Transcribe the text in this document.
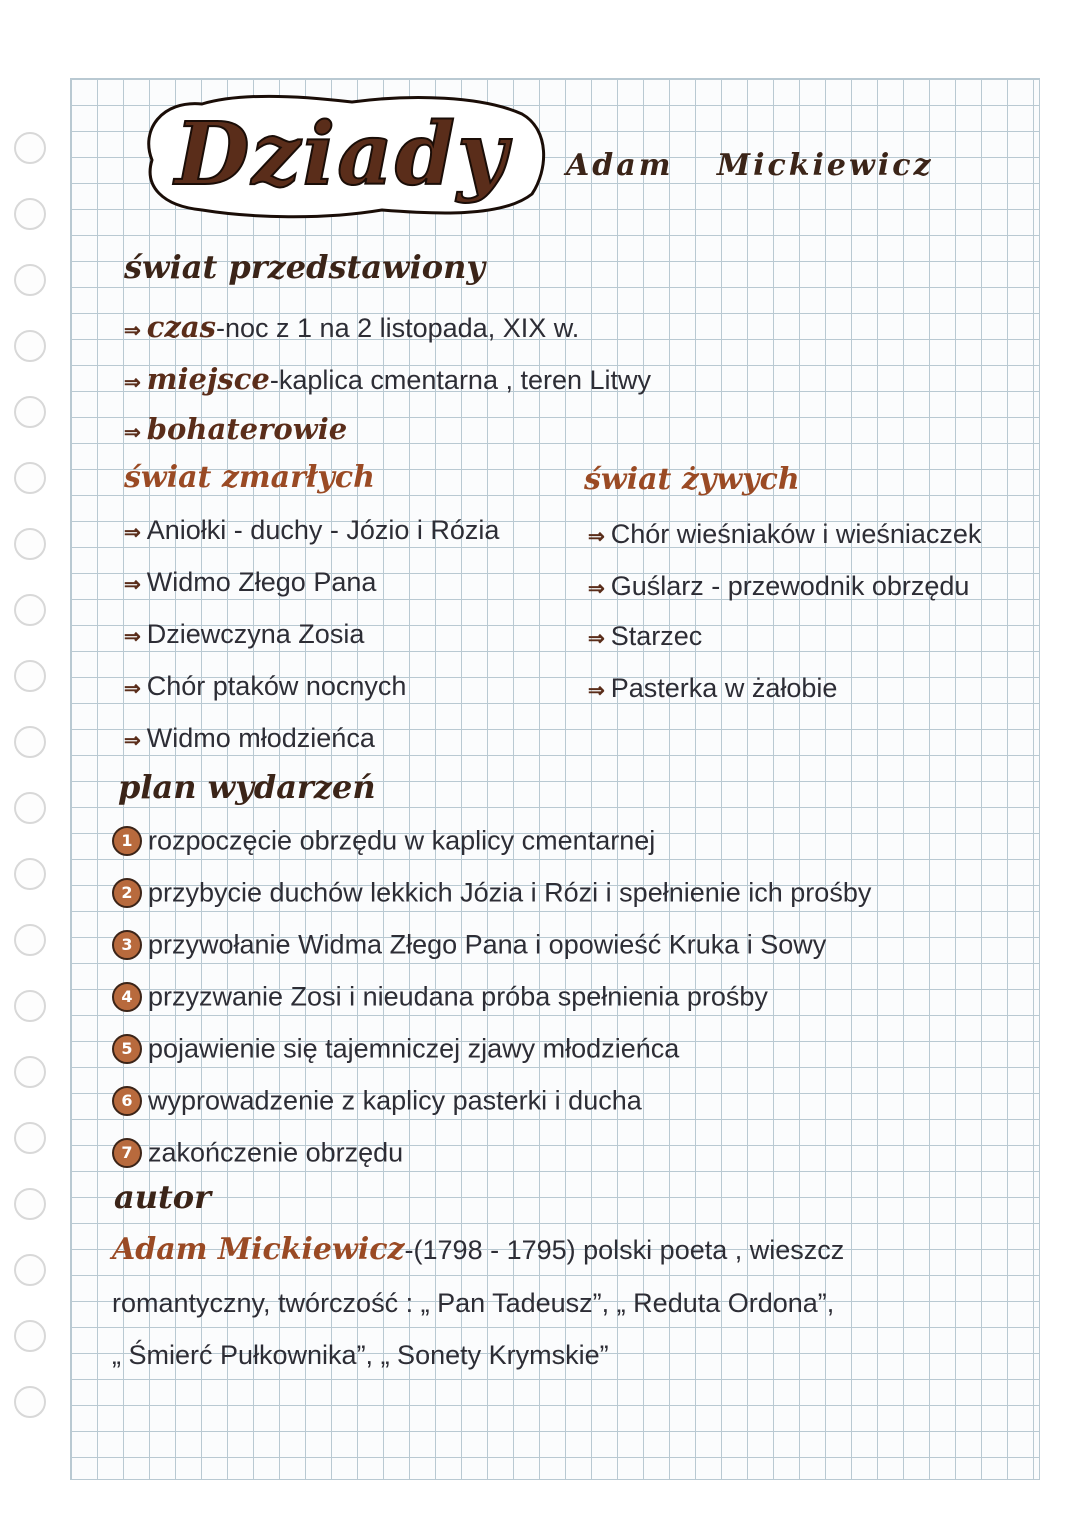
Dziady	Adam Mickiewicz
świat przedstawiony
⇒ czas-noc z 1 na 2 listopada, XIX w.
⇒ miejsce-kaplica cmentarna , teren Litwy
⇒ bohaterowie
świat zmarłych	świat żywych
⇒ Aniołki - duchy - Józio i Rózia
⇒ Widmo Złego Pana
⇒ Dziewczyna Zosia
⇒ Chór ptaków nocnych
⇒ Widmo młodzieńca
⇒ Chór wieśniaków i wieśniaczek
⇒ Guślarz - przewodnik obrzędu
⇒ Starzec
⇒ Pasterka w żałobie
plan wydarzeń
1 rozpoczęcie obrzędu w kaplicy cmentarnej
2 przybycie duchów lekkich Józia i Rózi i spełnienie ich prośby
3 przywołanie Widma Złego Pana i opowieść Kruka i Sowy
4 przyzwanie Zosi i nieudana próba spełnienia prośby
5 pojawienie się tajemniczej zjawy młodzieńca
6 wyprowadzenie z kaplicy pasterki i ducha
7 zakończenie obrzędu
autor
Adam Mickiewicz-(1798 - 1795) polski poeta , wieszcz
romantyczny, twórczość : „ Pan Tadeusz”, „ Reduta Ordona”,
„ Śmierć Pułkownika”, „ Sonety Krymskie”
